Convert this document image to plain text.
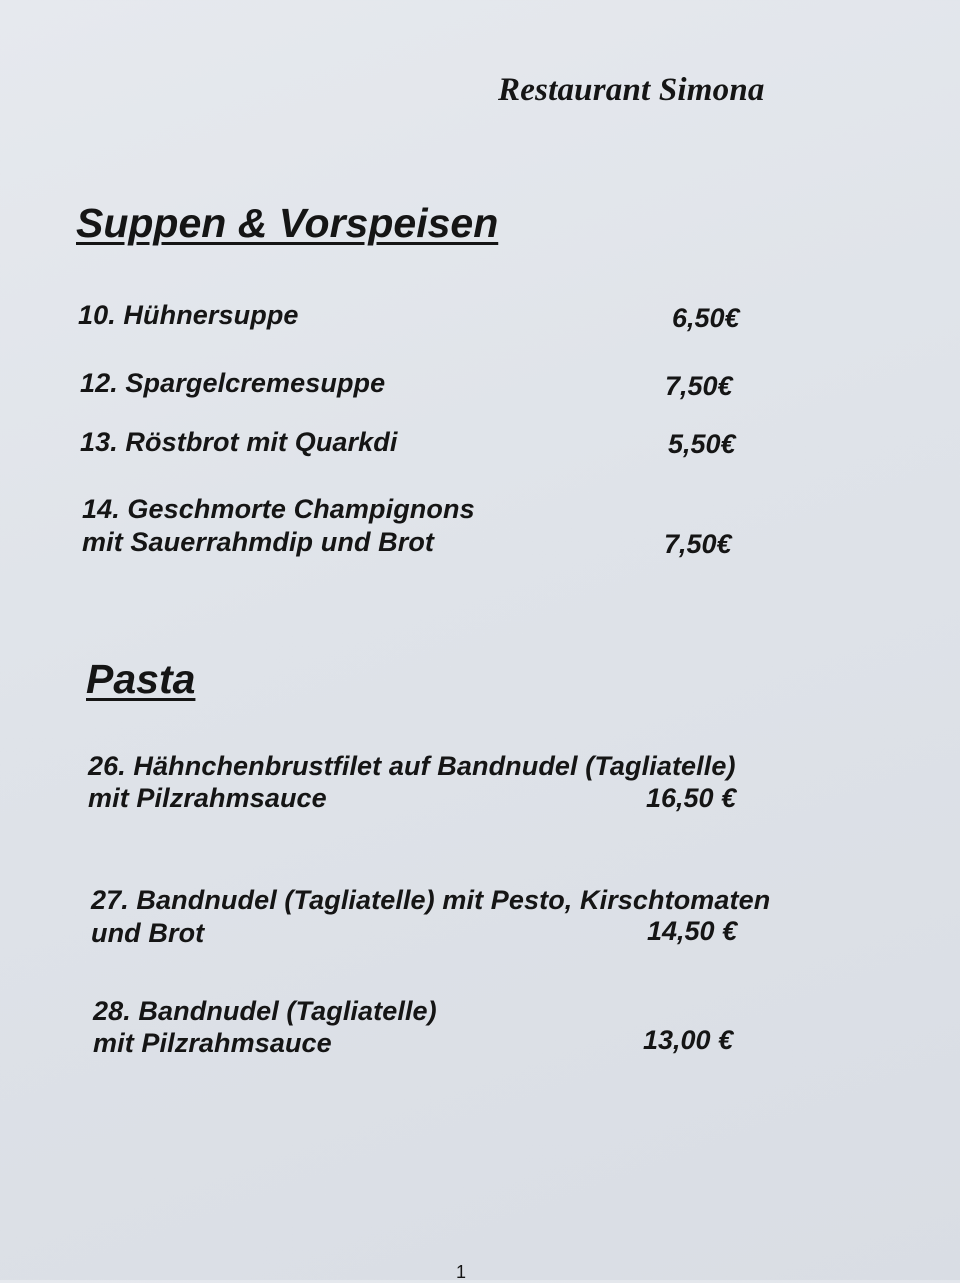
Restaurant Simona
Suppen & Vorspeisen
10. Hühnersuppe	6,50€
12. Spargelcremesuppe	7,50€
13. Röstbrot mit Quarkdi	5,50€
14. Geschmorte Champignons
mit Sauerrahmdip und Brot	7,50€
Pasta
26. Hähnchenbrustfilet auf Bandnudel (Tagliatelle)
mit Pilzrahmsauce	16,50 €
27. Bandnudel (Tagliatelle) mit Pesto, Kirschtomaten
und Brot	14,50 €
28. Bandnudel (Tagliatelle)
mit Pilzrahmsauce	13,00 €
1
